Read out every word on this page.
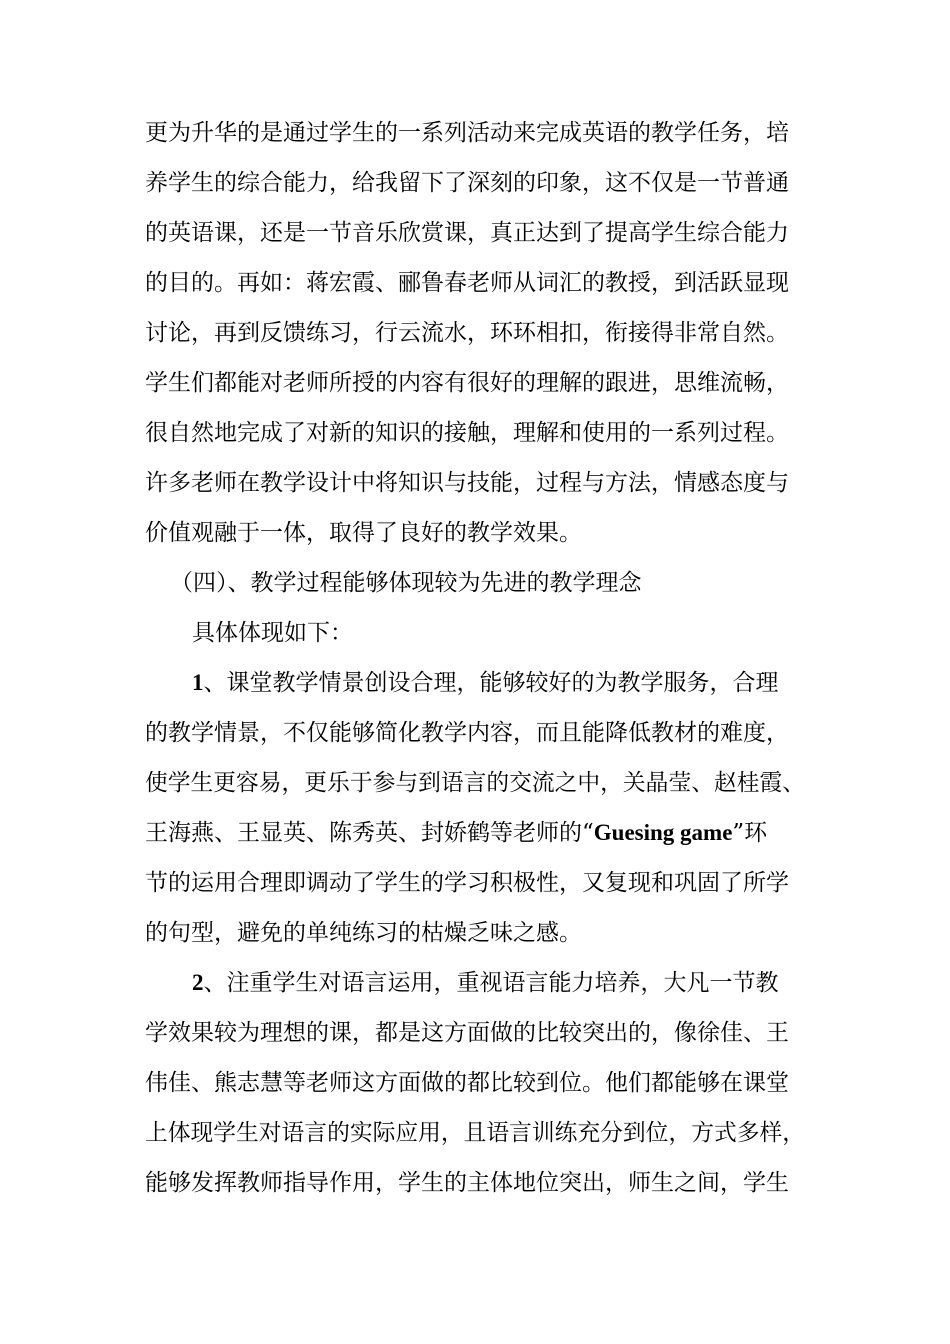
更为升华的是通过学生的一系列活动来完成英语的教学任务，培
养学生的综合能力，给我留下了深刻的印象，这不仅是一节普通
的英语课，还是一节音乐欣赏课，真正达到了提高学生综合能力
的目的。再如：蒋宏霞、郦鲁春老师从词汇的教授，到活跃显现
讨论，再到反馈练习，行云流水，环环相扣，衔接得非常自然。
学生们都能对老师所授的内容有很好的理解的跟进，思维流畅，
很自然地完成了对新的知识的接触，理解和使用的一系列过程。
许多老师在教学设计中将知识与技能，过程与方法，情感态度与
价值观融于一体，取得了良好的教学效果。
（四）、教学过程能够体现较为先进的教学理念
具体体现如下：
1、课堂教学情景创设合理，能够较好的为教学服务，合理
的教学情景，不仅能够简化教学内容，而且能降低教材的难度，
使学生更容易，更乐于参与到语言的交流之中，关晶莹、赵桂霞、
王海燕、王显英、陈秀英、封娇鹤等老师的“Guesing game”环
节的运用合理即调动了学生的学习积极性，又复现和巩固了所学
的句型，避免的单纯练习的枯燥乏味之感。
2、注重学生对语言运用，重视语言能力培养，大凡一节教
学效果较为理想的课，都是这方面做的比较突出的，像徐佳、王
伟佳、熊志慧等老师这方面做的都比较到位。他们都能够在课堂
上体现学生对语言的实际应用，且语言训练充分到位，方式多样，
能够发挥教师指导作用，学生的主体地位突出，师生之间，学生
